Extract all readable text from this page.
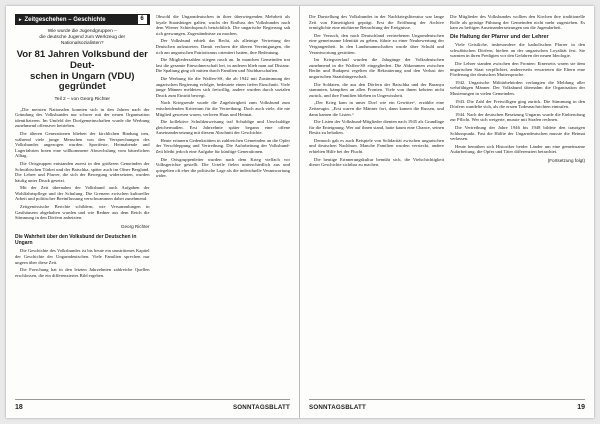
▸ Zeitgeschehen – Geschichte	6
Wie wurde die Jugendgruppen –
die deutsche Jugend zum Werkzeug der
Nationalsozialisten?
Vor 81 Jahren Volksbund der Deut-
schen in Ungarn (VDU)
gegründet
Teil 2 – von Georg Richter

„Die meisten Nationalen konnten sich in den Jahren nach der Gründung des Volksbundes nur schwer mit der neuen Organisation identifizieren. Im Umfeld der Dorfgemeinschaften wurde die Werbung zunehmend offensiver betrieben.

Die älteren Generationen blieben der kirchlichen Bindung treu, während viele junge Menschen von den Versprechungen des Volksbundes angezogen wurden. Sportfeste, Heimabende und Lagerfahrten boten eine willkommene Abwechslung vom bäuerlichen Alltag.

Die Ortsgruppen entstanden zuerst in den größeren Gemeinden der Schwäbischen Türkei und der Batschka, später auch im Ofner Bergland. Die Lehrer und Pfarrer, die sich der Bewegung widersetzten, wurden häufig unter Druck gesetzt.

Mit der Zeit übernahm der Volksbund auch Aufgaben der Wohlfahrtspflege und der Schulung. Die Grenzen zwischen kultureller Arbeit und politischer Beeinflussung verschwammen dabei zunehmend.

Zeitgenössische Berichte schildern, wie Versammlungen in Gasthäusern abgehalten wurden und wie Redner aus dem Reich die Stimmung in den Dörfern anheizten.

Georg Richter
Die Wahrheit über den Volksbund der Deutschen in Ungarn

Die Geschichte des Volksbundes ist bis heute ein umstrittenes Kapitel der Geschichte der Ungarndeutschen. Viele Familien sprechen nur ungern über diese Zeit.

Die Forschung hat in den letzten Jahrzehnten zahlreiche Quellen erschlossen, die ein differenziertes Bild ergeben.

Obwohl die Ungarndeutschen in ihrer überwiegenden Mehrheit als loyale Staatsbürger galten, wuchs der Einfluss des Volksbundes nach dem Wiener Schiedsspruch beträchtlich. Die ungarische Regierung sah sich gezwungen, Zugeständnisse zu machen.

Der Volksbund erhielt das Recht, als alleinige Vertretung der Deutschen aufzutreten. Damit verloren die älteren Vereinigungen, die sich am ungarischen Patriotismus orientiert hatten, ihre Bedeutung.

Die Mitgliederzahlen stiegen rasch an. In manchen Gemeinden trat fast die gesamte Einwohnerschaft bei, in anderen blieb man auf Distanz. Die Spaltung ging oft mitten durch Familien und Nachbarschaften.

Die Werbung für die Waffen-SS, die ab 1942 mit Zustimmung der ungarischen Regierung erfolgte, bedeutete einen tiefen Einschnitt. Viele junge Männer meldeten sich freiwillig, andere wurden durch sozialen Druck zum Eintritt bewegt.

Nach Kriegsende wurde die Zugehörigkeit zum Volksbund zum entscheidenden Kriterium für die Vertreibung. Doch auch viele, die nie Mitglied gewesen waren, verloren Haus und Heimat.

Die kollektive Schuldzuweisung traf Schuldige und Unschuldige gleichermaßen. Erst Jahrzehnte später begann eine offene Auseinandersetzung mit diesem Abschnitt der Geschichte.

Heute erinnern Gedenkstätten in zahlreichen Gemeinden an die Opfer der Verschleppung und Vertreibung. Die Aufarbeitung der Volksbund-Zeit bleibt jedoch eine Aufgabe für künftige Generationen.

Die Ortsgruppenleiter wurden nach dem Krieg vielfach vor Volksgerichte gestellt. Die Urteile fielen unterschiedlich aus und spiegelten oft eher die politische Lage als die individuelle Verantwortung wider.

18	SONNTAGSBLATT

Die Darstellung des Volksbundes in der Nachkriegsliteratur war lange Zeit von Einseitigkeit geprägt. Erst die Eröffnung der Archive ermöglichte eine nüchterne Betrachtung der Ereignisse.

Der Versuch, den nach Deutschland vertriebenen Ungarndeutschen eine gemeinsame Identität zu geben, führte zu einer Neubewertung der Vergangenheit. In den Landsmannschaften wurde über Schuld und Verantwortung gestritten.

Im Kriegsverlauf wurden die Jahrgänge der Volksdeutschen zunehmend in die Waffen-SS eingegliedert. Die Abkommen zwischen Berlin und Budapest regelten die Rekrutierung und den Verlust der ungarischen Staatsbürgerschaft.

Die Soldaten, die aus den Dörfern der Batschka und der Baranya stammten, kämpften an allen Fronten. Viele von ihnen kehrten nicht zurück, und ihre Familien blieben in Ungewissheit.

„Der Krieg kam in unser Dorf wie ein Gewitter“, erzählte eine Zeitzeugin. „Erst waren die Männer fort, dann kamen die Russen, und dann kamen die Listen.“

Die Listen der Volksbund-Mitglieder dienten nach 1945 als Grundlage für die Enteignung. Wer auf ihnen stand, hatte kaum eine Chance, seinen Besitz zu behalten.

Dennoch gab es auch Beispiele von Solidarität zwischen ungarischen und deutschen Nachbarn. Manche Familien wurden versteckt, andere erhielten Hilfe bei der Flucht.

Die heutige Erinnerungskultur bemüht sich, die Vielschichtigkeit dieser Geschichte sichtbar zu machen.

Die Mitglieder des Volksbundes wollten den Kirchen ihre traditionelle Rolle als geistige Führung der Gemeinden nicht mehr zugestehen. Es kam zu heftigen Auseinandersetzungen um die Jugendarbeit.

Die Haltung der Pfarrer und der Lehrer

Viele Geistliche, insbesondere die katholischen Pfarrer in den schwäbischen Dörfern, hielten an der ungarischen Loyalität fest. Sie warnten in ihren Predigten vor den Gefahren der neuen Ideologie.

Die Lehrer standen zwischen den Fronten: Einerseits waren sie dem ungarischen Staat verpflichtet, andererseits erwarteten die Eltern eine Förderung der deutschen Muttersprache.

1942. Ungarische Militärbehörden verlangten die Meldung aller wehrfähigen Männer. Der Volksbund übernahm die Organisation der Musterungen in vielen Gemeinden.

1943. Die Zahl der Freiwilligen ging zurück. Die Stimmung in den Dörfern wandelte sich, als die ersten Todesnachrichten eintrafen.

1944. Nach der deutschen Besetzung Ungarns wurde die Einberufung zur Pflicht. Wer sich weigerte, musste mit Strafen rechnen.

Die Vertreibung der Jahre 1946 bis 1948 bildete den traurigen Schlusspunkt. Fast die Hälfte der Ungarndeutschen musste die Heimat verlassen.

Heute bemühen sich Historiker beider Länder um eine gemeinsame Aufarbeitung, die Opfer und Täter differenziert betrachtet.

(Fortsetzung folgt)
SONNTAGSBLATT	19
